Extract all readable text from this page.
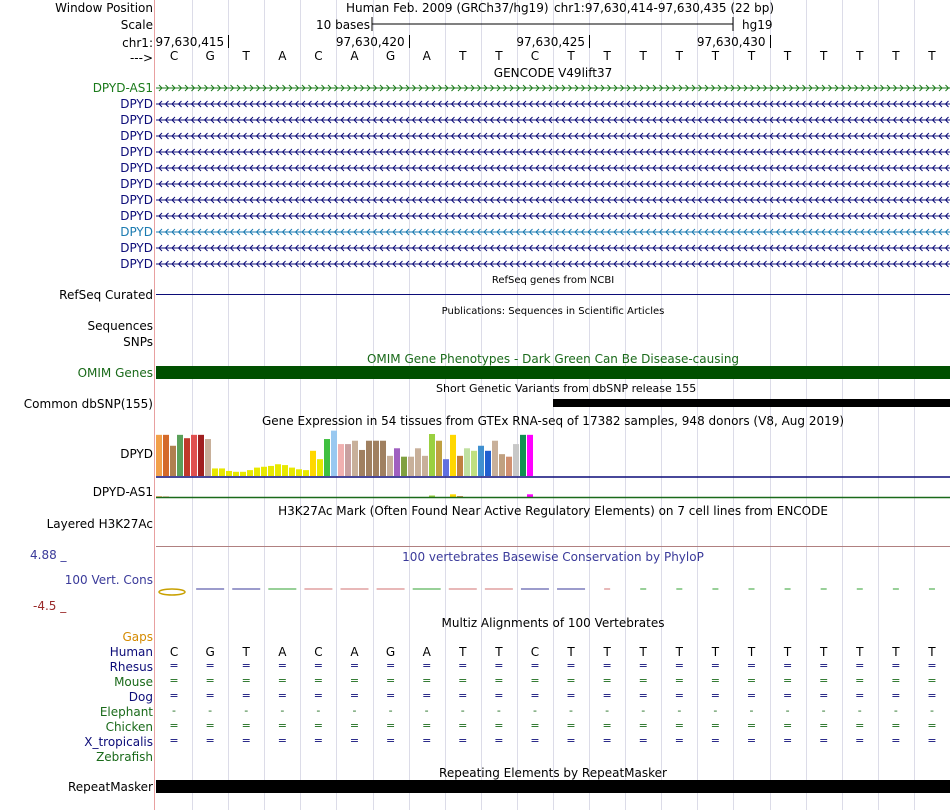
Window Position	Human Feb. 2009 (GRCh37/hg19) chr1:97,630,414-97,630,435 (22 bp)
Scale	10 bases	hg19
chr1: 97,630,415	97,630,420	97,630,425	97,630,430
--->	C	G	T	A	C	A	G	A	T	T	C	T	T	T	T	T	T	T	T	T	T	T
GENCODE V49lift37
DPYD-AS1
DPYD
DPYD
DPYD
DPYD
DPYD
DPYD
DPYD
DPYD
DPYD
DPYD
DPYD
RefSeq genes from NCBI
RefSeq Curated
Publications: Sequences in Scientific Articles
Sequences
SNPs
OMIM Gene Phenotypes - Dark Green Can Be Disease-causing
OMIM Genes
Short Genetic Variants from dbSNP release 155
Common dbSNP(155)
Gene Expression in 54 tissues from GTEx RNA-seq of 17382 samples, 948 donors (V8, Aug 2019)
DPYD
DPYD-AS1
H3K27Ac Mark (Often Found Near Active Regulatory Elements) on 7 cell lines from ENCODE
Layered H3K27Ac
4.88 _	100 vertebrates Basewise Conservation by PhyloP
100 Vert. Cons
-4.5 _
Multiz Alignments of 100 Vertebrates
Gaps
Human	C	G	T	A	C	A	G	A	T	T	C	T	T	T	T	T	T	T	T	T	T	T
Rhesus	=	=	=	=	=	=	=	=	=	=	=	=	=	=	=	=	=	=	=	=	=	=
Mouse	=	=	=	=	=	=	=	=	=	=	=	=	=	=	=	=	=	=	=	=	=	=
Dog	=	=	=	=	=	=	=	=	=	=	=	=	=	=	=	=	=	=	=	=	=	=
Elephant	-	-	-	-	-	-	-	-	-	-	-	-	-	-	-	-	-	-	-	-	-	-
Chicken	=	=	=	=	=	=	=	=	=	=	=	=	=	=	=	=	=	=	=	=	=	=
X_tropicalis	=	=	=	=	=	=	=	=	=	=	=	=	=	=	=	=	=	=	=	=	=	=
Zebrafish
Repeating Elements by RepeatMasker
RepeatMasker
